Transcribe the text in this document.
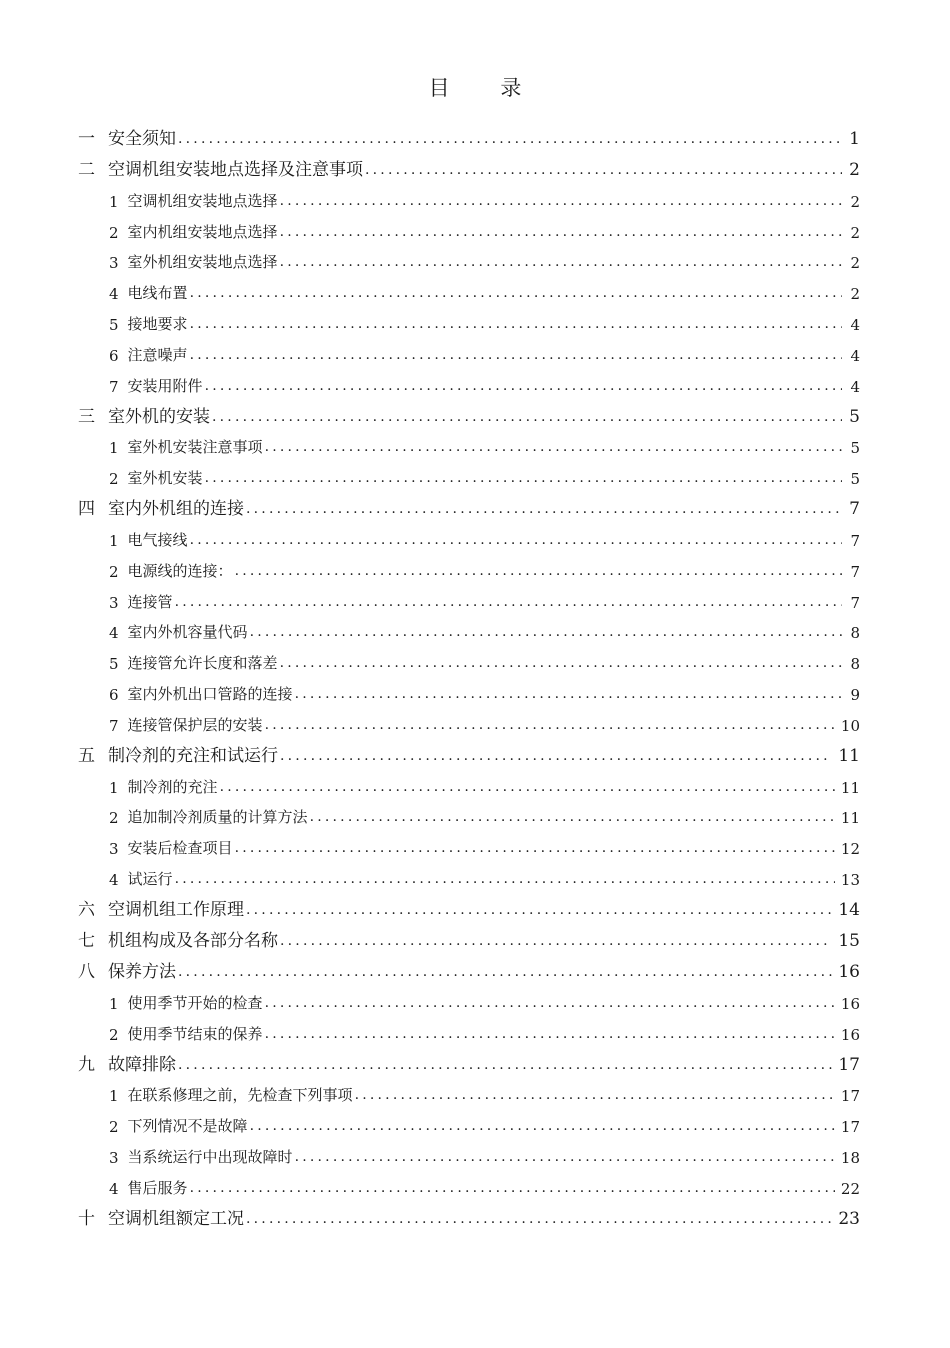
目 录
一 安全须知 .....	1
二 空调机组安装地点选择及注意事项 .....	2
1 空调机组安装地点选择 .....	2
2 室内机组安装地点选择 .....	2
3 室外机组安装地点选择 .....	2
4 电线布置 .....	2
5 接地要求 .....	4
6 注意噪声 .....	4
7 安装用附件 .....	4
三 室外机的安装 .....	5
1 室外机安装注意事项 .....	5
2 室外机安装 .....	5
四 室内外机组的连接 .....	7
1 电气接线 .....	7
2 电源线的连接： .....	7
3 连接管 .....	7
4 室内外机容量代码 .....	8
5 连接管允许长度和落差 .....	8
6 室内外机出口管路的连接 .....	9
7 连接管保护层的安装 .....	10
五 制冷剂的充注和试运行 .....	11
1 制冷剂的充注 .....	11
2 追加制冷剂质量的计算方法 .....	11
3 安装后检查项目 .....	12
4 试运行 .....	13
六 空调机组工作原理 .....	14
七 机组构成及各部分名称 .....	15
八 保养方法 .....	16
1 使用季节开始的检查 .....	16
2 使用季节结束的保养 .....	16
九 故障排除 .....	17
1 在联系修理之前，先检查下列事项 .....	17
2 下列情况不是故障 .....	17
3 当系统运行中出现故障时 .....	18
4 售后服务 .....	22
十 空调机组额定工况 .....	23
